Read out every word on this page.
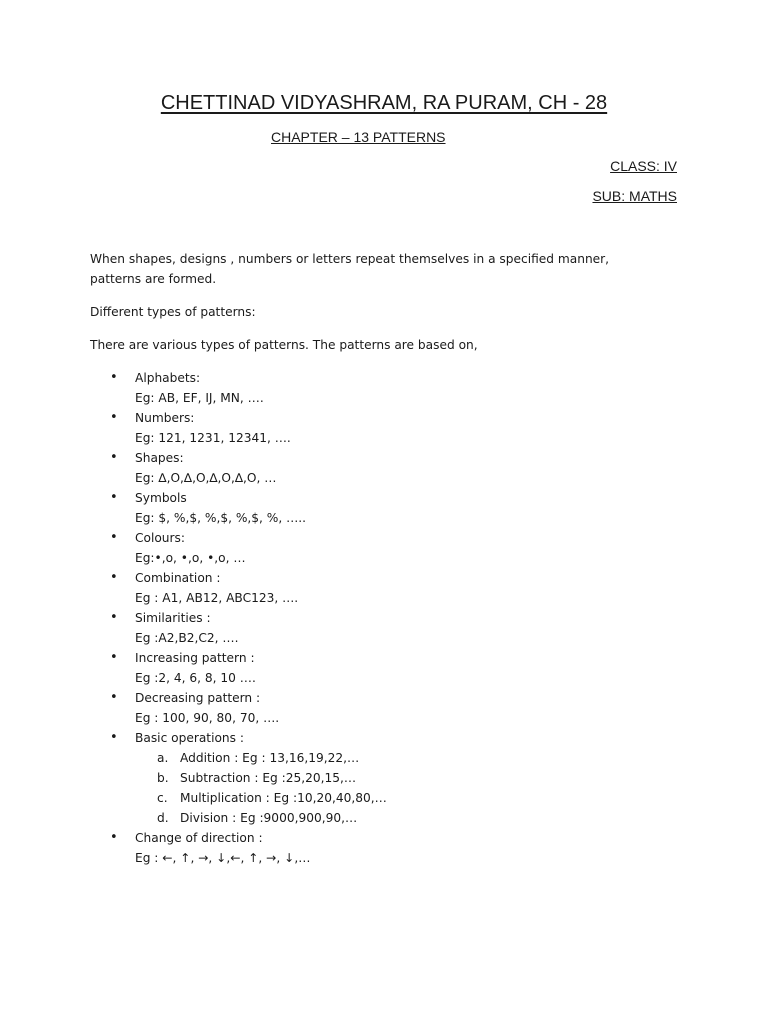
CHETTINAD VIDYASHRAM, RA PURAM, CH - 28
CHAPTER – 13 PATTERNS
CLASS: IV
SUB: MATHS
When shapes, designs , numbers or letters repeat themselves in a specified manner, patterns are formed.
Different types of patterns:
There are various types of patterns. The patterns are based on,
• Alphabets:
Eg: AB, EF, IJ, MN, ….
• Numbers:
Eg: 121, 1231, 12341, ….
• Shapes:
Eg: ∆,O,∆,O,∆,O,∆,O, …
• Symbols
Eg: $, %,$, %,$, %,$, %, …..
• Colours:
Eg:•,o, •,o, •,o, …
• Combination :
Eg : A1, AB12, ABC123, ….
• Similarities :
Eg :A2,B2,C2, ….
• Increasing pattern :
Eg :2, 4, 6, 8, 10 ….
• Decreasing pattern :
Eg : 100, 90, 80, 70, ….
• Basic operations :
a. Addition : Eg : 13,16,19,22,…
b. Subtraction : Eg :25,20,15,…
c. Multiplication : Eg :10,20,40,80,…
d. Division : Eg :9000,900,90,…
• Change of direction :
Eg : ←, ↑, →, ↓,←, ↑, →, ↓,…
